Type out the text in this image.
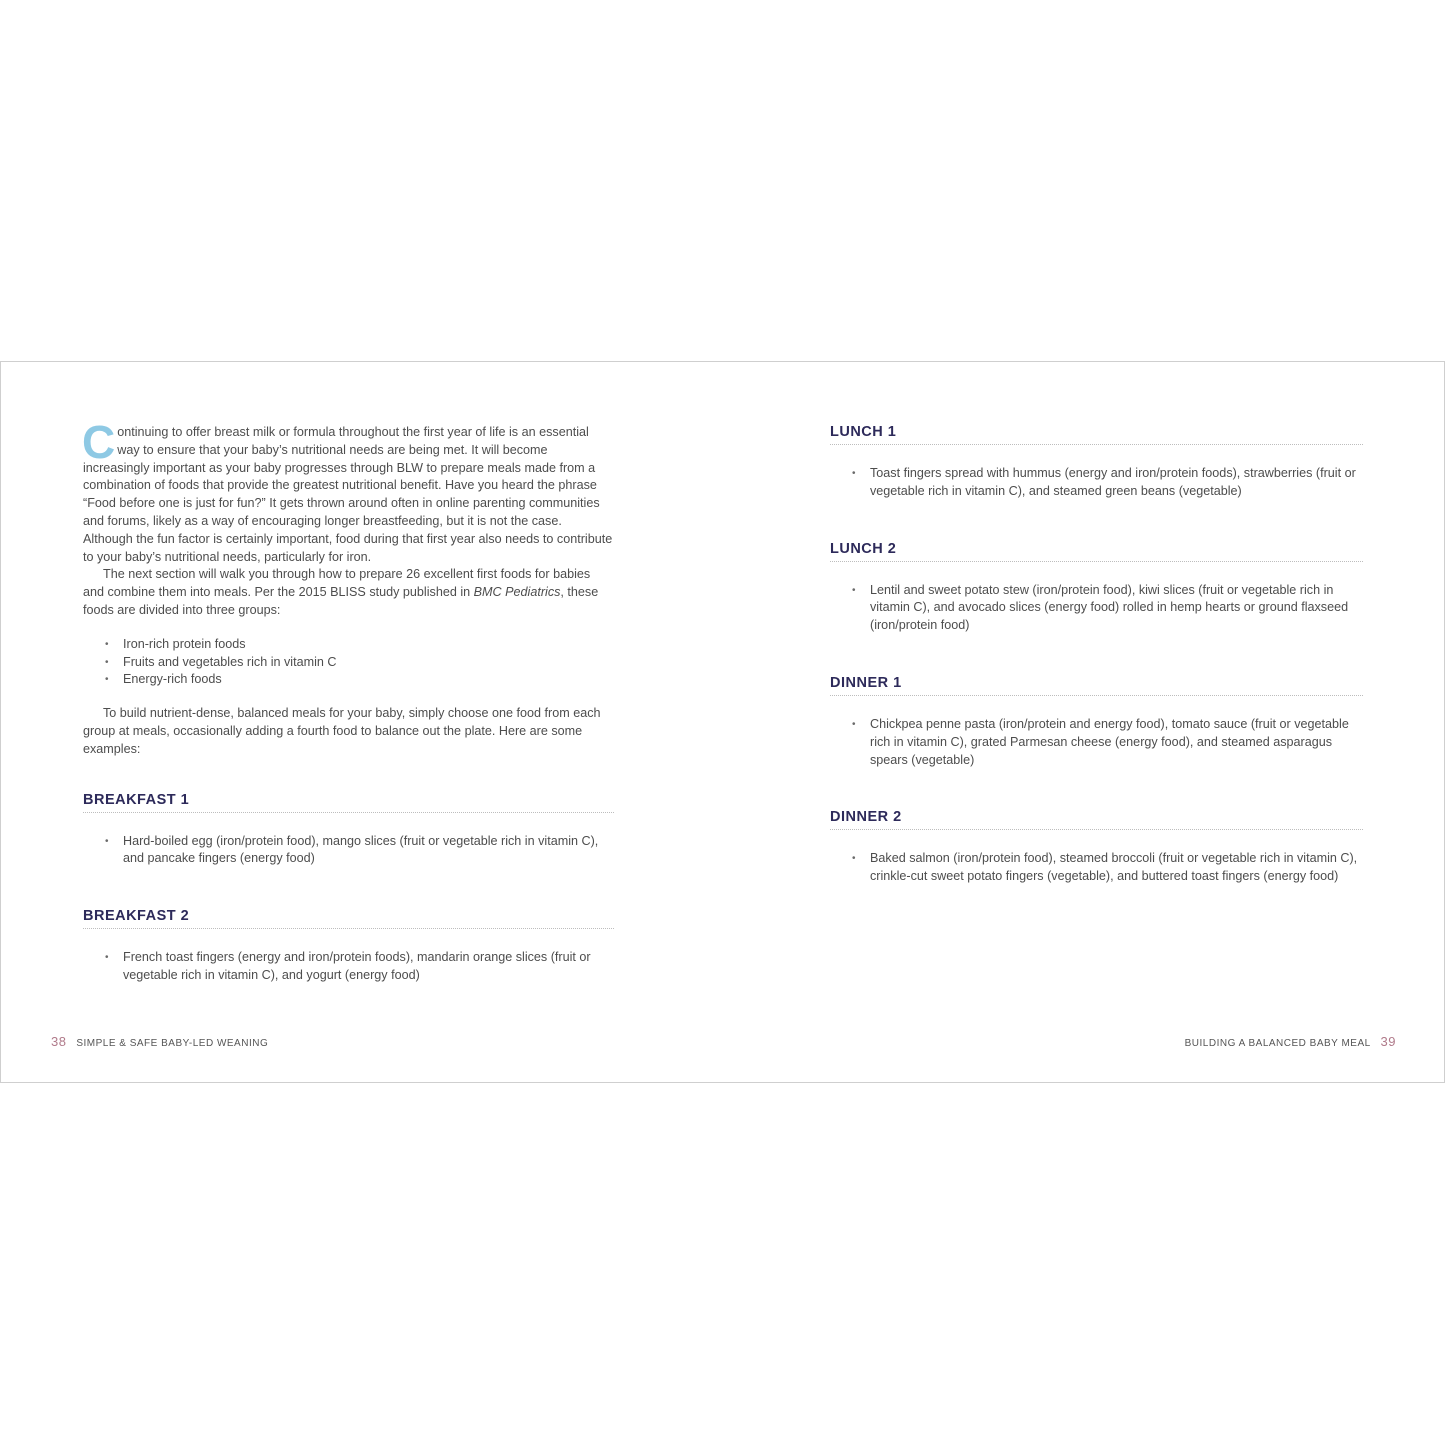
Continuing to offer breast milk or formula throughout the first year of life is an essential way to ensure that your baby’s nutritional needs are being met. It will become increasingly important as your baby progresses through BLW to prepare meals made from a combination of foods that provide the greatest nutritional benefit. Have you heard the phrase “Food before one is just for fun?” It gets thrown around often in online parenting communities and forums, likely as a way of encouraging longer breastfeeding, but it is not the case. Although the fun factor is certainly important, food during that first year also needs to contribute to your baby’s nutritional needs, particularly for iron.

The next section will walk you through how to prepare 26 excellent first foods for babies and combine them into meals. Per the 2015 BLISS study published in BMC Pediatrics, these foods are divided into three groups:

• Iron-rich protein foods
• Fruits and vegetables rich in vitamin C
• Energy-rich foods

To build nutrient-dense, balanced meals for your baby, simply choose one food from each group at meals, occasionally adding a fourth food to balance out the plate. Here are some examples:

BREAKFAST 1
• Hard-boiled egg (iron/protein food), mango slices (fruit or vegetable rich in vitamin C), and pancake fingers (energy food)
BREAKFAST 2
• French toast fingers (energy and iron/protein foods), mandarin orange slices (fruit or vegetable rich in vitamin C), and yogurt (energy food)
LUNCH 1
• Toast fingers spread with hummus (energy and iron/protein foods), strawberries (fruit or vegetable rich in vitamin C), and steamed green beans (vegetable)
LUNCH 2
• Lentil and sweet potato stew (iron/protein food), kiwi slices (fruit or vegetable rich in vitamin C), and avocado slices (energy food) rolled in hemp hearts or ground flaxseed (iron/protein food)
DINNER 1
• Chickpea penne pasta (iron/protein and energy food), tomato sauce (fruit or vegetable rich in vitamin C), grated Parmesan cheese (energy food), and steamed asparagus spears (vegetable)
DINNER 2
• Baked salmon (iron/protein food), steamed broccoli (fruit or vegetable rich in vitamin C), crinkle-cut sweet potato fingers (vegetable), and buttered toast fingers (energy food)
38 SIMPLE & SAFE BABY-LED WEANING	BUILDING A BALANCED BABY MEAL 39
